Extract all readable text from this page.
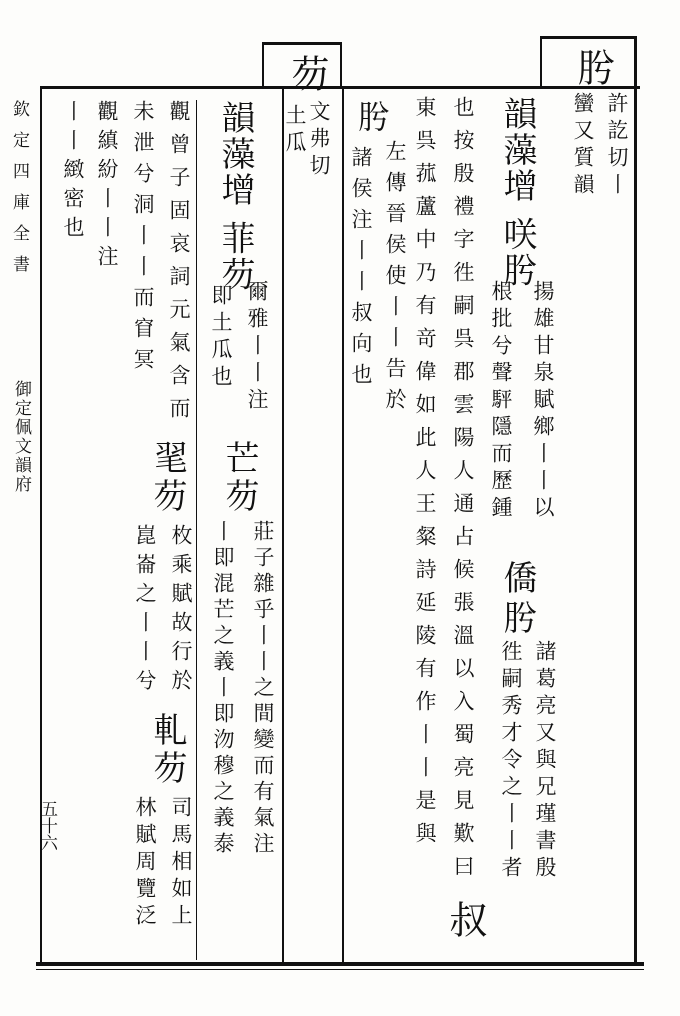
欽定四庫全書
御定佩文韻府
五十六
肹
許訖切丨
蠻又質韻
韻藻增 咲肹
揚雄甘泉賦鄉丨丨以
僑肹
諸葛亮又與兄瑾書殷
根批兮聲駍隱而歷鍾
徃嗣秀才令之丨丨者
也按殷禮字徃嗣呉郡雲陽人通占候張溫以入蜀亮見歎曰
叔
東呉菰蘆中乃有竒偉如此人王粲詩延陵有作丨丨是與
肹
左傳晉侯使丨丨告於
諸侯注丨丨叔向也
芴
文弗切
土瓜
韻藻增 菲芴
爾雅丨丨注
芒芴
莊子雜乎丨丨之間變而有氣注
即土瓜也
丨即混芒之義丨即沕穆之義泰
觀曾子固哀詞元氣含而
毣芴
枚乘賦故行於
未泄兮洞丨丨而窅冥
崑崙之丨丨兮
軋芴
司馬相如上
林賦周覽泛
觀縝紛丨丨注
丨丨緻密也
